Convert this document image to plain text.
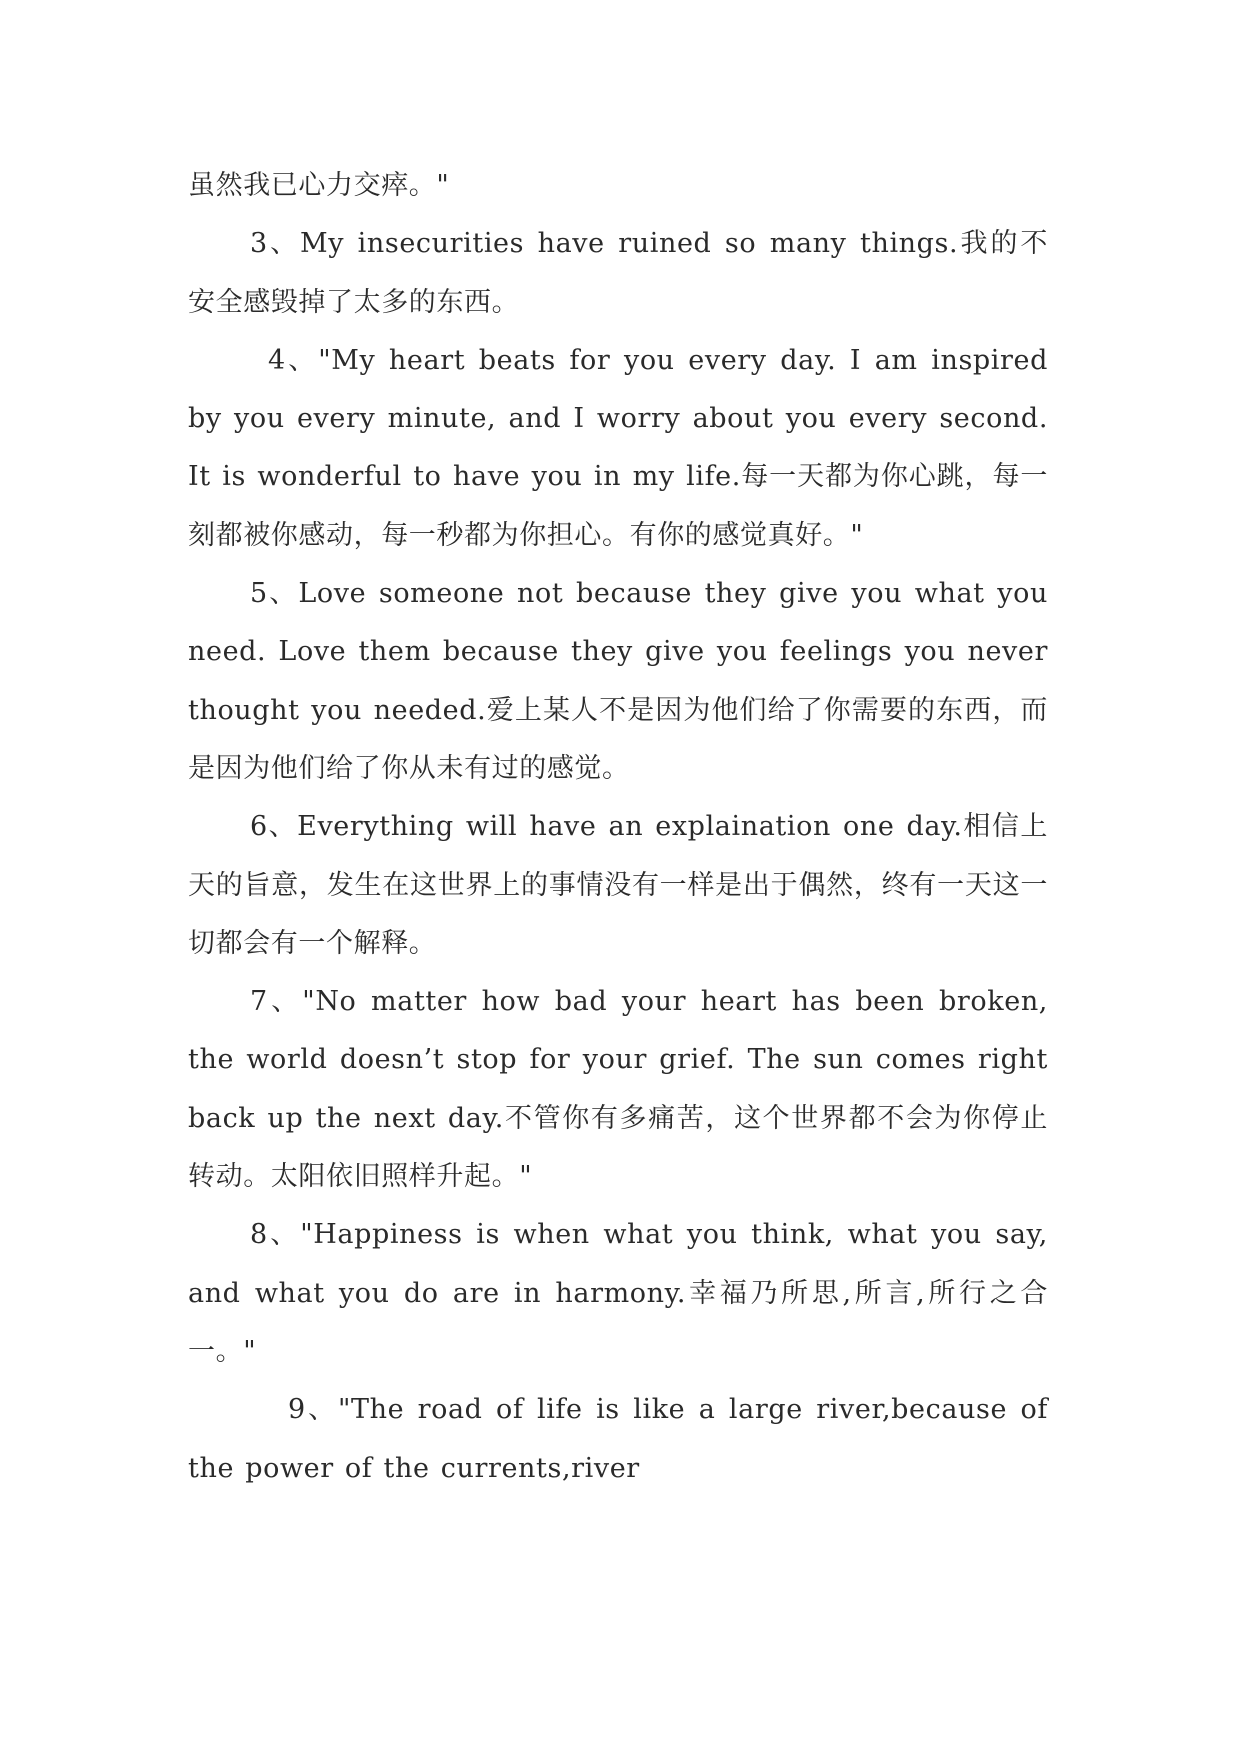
虽然我已心力交瘁。"

3、My insecurities have ruined so many things.我的不安全感毁掉了太多的东西。

4、"My heart beats for you every day. I am inspired by you every minute, and I worry about you every second. It is wonderful to have you in my life.每一天都为你心跳，每一刻都被你感动，每一秒都为你担心。有你的感觉真好。"

5、Love someone not because they give you what you need. Love them because they give you feelings you never thought you needed.爱上某人不是因为他们给了你需要的东西，而是因为他们给了你从未有过的感觉。

6、Everything will have an explaination one day.相信上天的旨意，发生在这世界上的事情没有一样是出于偶然，终有一天这一切都会有一个解释。

7、"No matter how bad your heart has been broken, the world doesn’t stop for your grief. The sun comes right back up the next day.不管你有多痛苦，这个世界都不会为你停止转动。太阳依旧照样升起。"

8、"Happiness is when what you think, what you say, and what you do are in harmony.幸福乃所思,所言,所行之合一。"

9、"The road of life is like a large river,because of the power of the currents,river
